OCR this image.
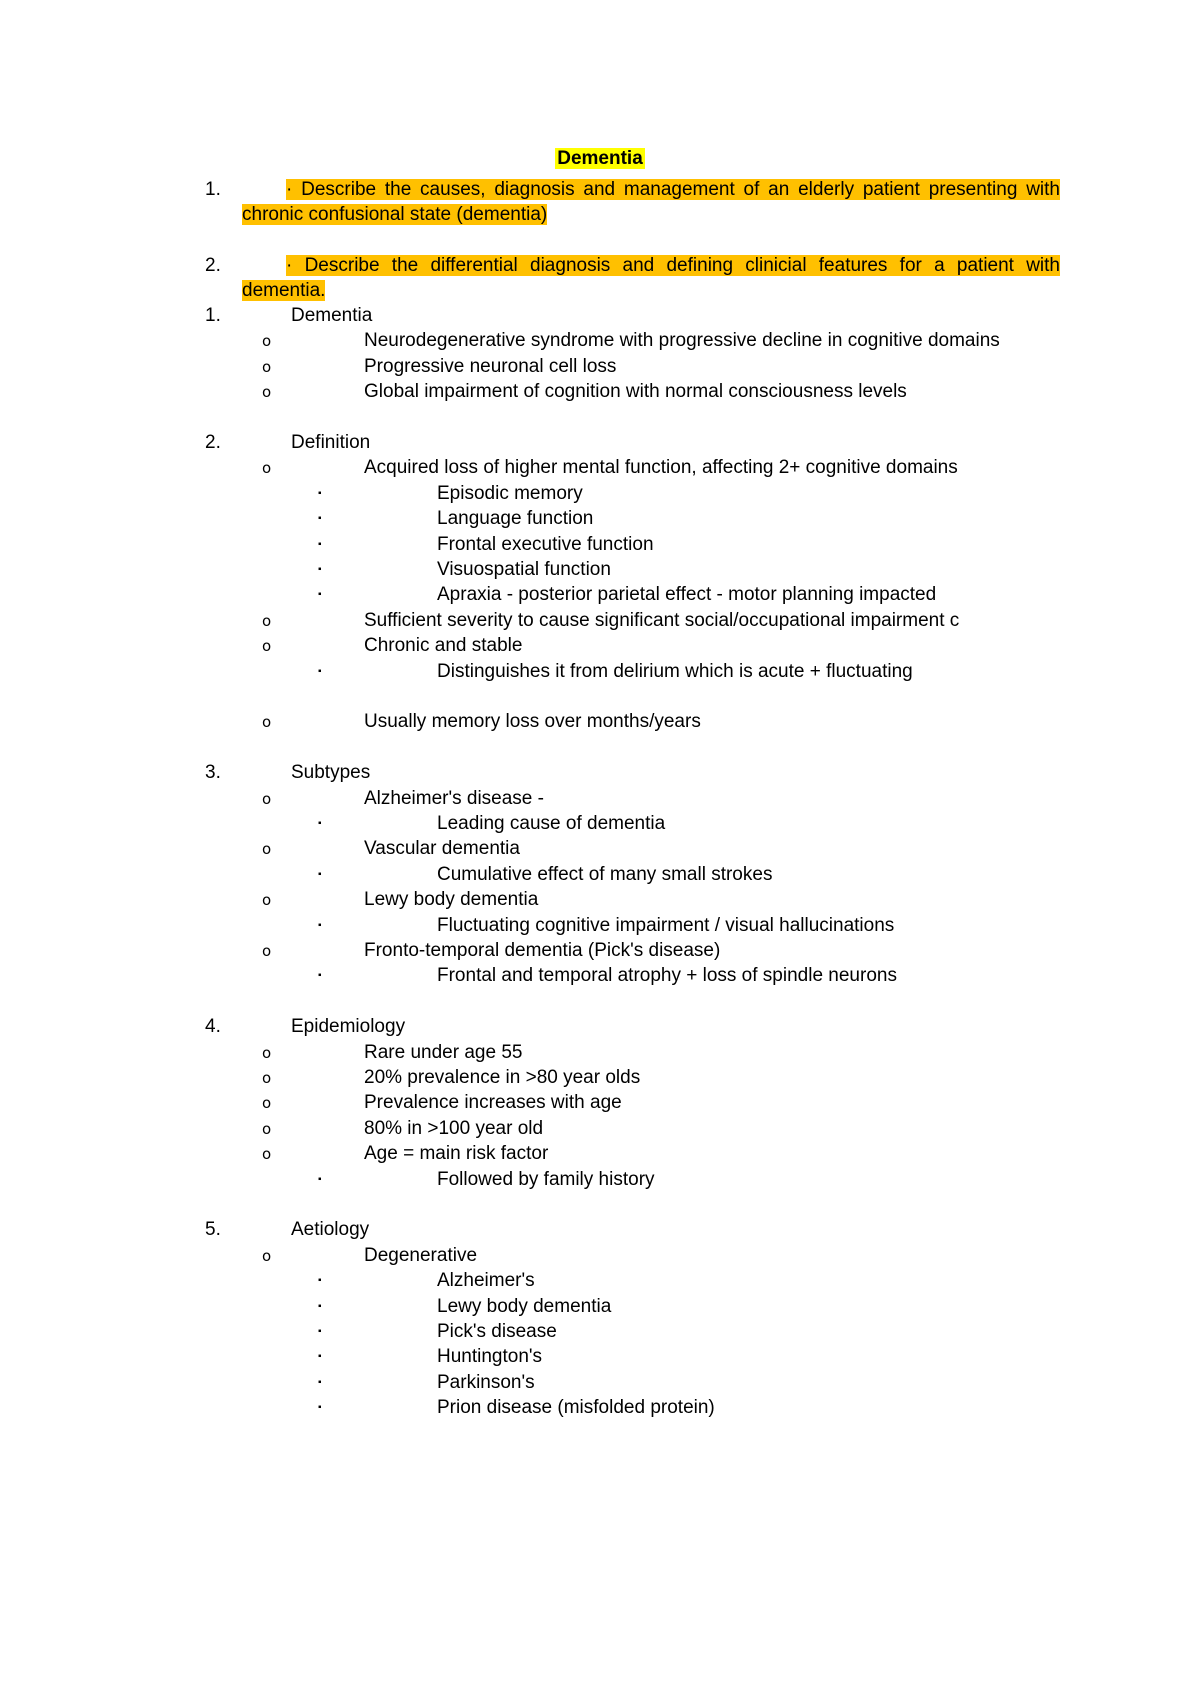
Dementia
1.	· Describe the causes, diagnosis and management of an elderly patient presenting with chronic confusional state (dementia)
2.	· Describe the differential diagnosis and defining clinicial features for a patient with dementia.
1.	Dementia
o	Neurodegenerative syndrome with progressive decline in cognitive domains
o	Progressive neuronal cell loss
o	Global impairment of cognition with normal consciousness levels
2.	Definition
o	Acquired loss of higher mental function, affecting 2+ cognitive domains
▪	Episodic memory
▪	Language function
▪	Frontal executive function
▪	Visuospatial function
▪	Apraxia - posterior parietal effect - motor planning impacted
o	Sufficient severity to cause significant social/occupational impairment c
o	Chronic and stable
▪	Distinguishes it from delirium which is acute + fluctuating
o	Usually memory loss over months/years
3.	Subtypes
o	Alzheimer's disease -
▪	Leading cause of dementia
o	Vascular dementia
▪	Cumulative effect of many small strokes
o	Lewy body dementia
▪	Fluctuating cognitive impairment / visual hallucinations
o	Fronto-temporal dementia (Pick's disease)
▪	Frontal and temporal atrophy + loss of spindle neurons
4.	Epidemiology
o	Rare under age 55
o	20% prevalence in >80 year olds
o	Prevalence increases with age
o	80% in >100 year old
o	Age = main risk factor
▪	Followed by family history
5.	Aetiology
o	Degenerative
▪	Alzheimer's
▪	Lewy body dementia
▪	Pick's disease
▪	Huntington's
▪	Parkinson's
▪	Prion disease (misfolded protein)
